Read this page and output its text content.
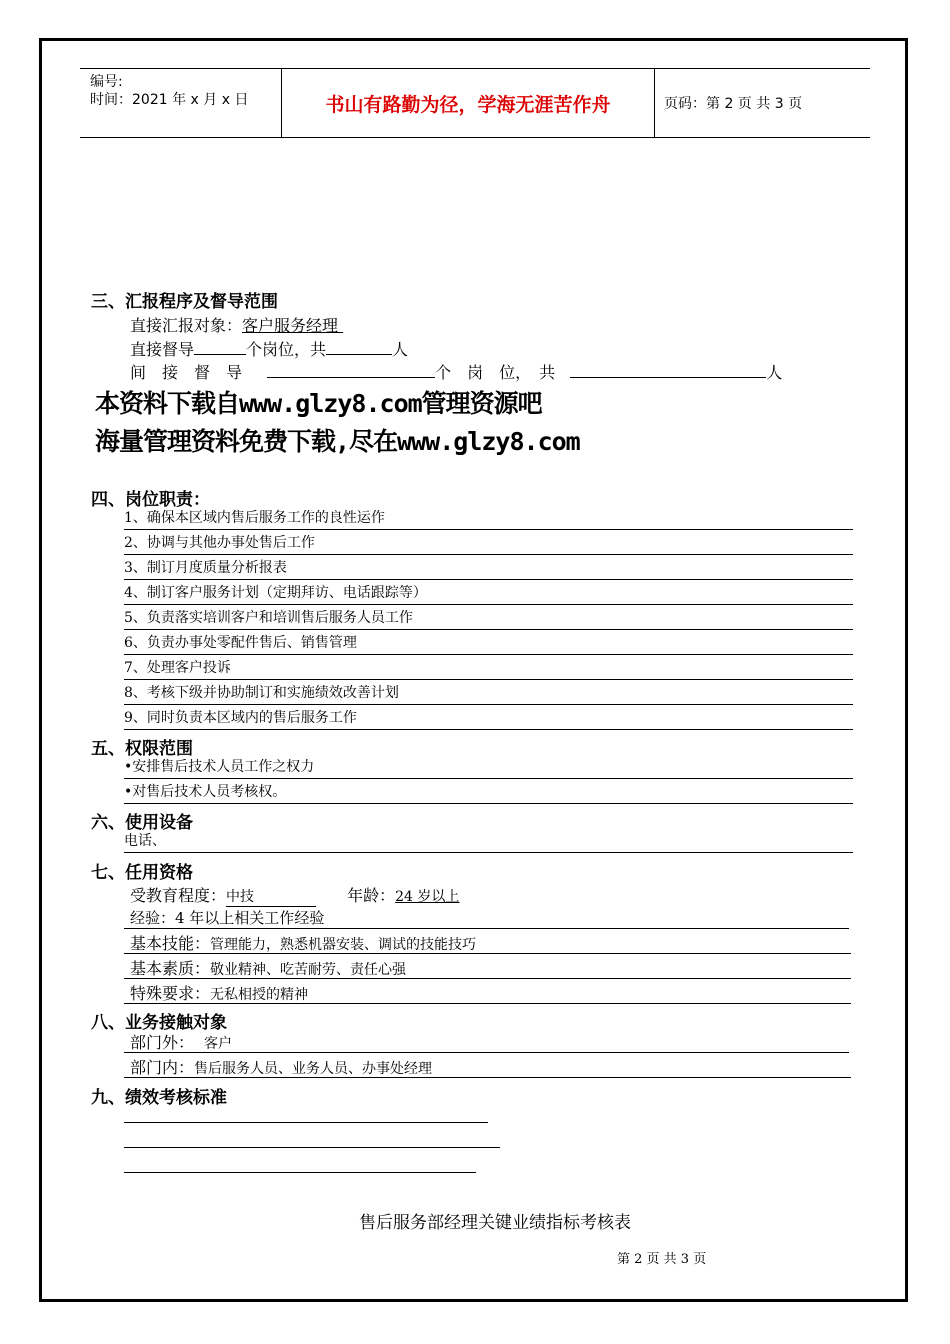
编号:
时间：2021 年 x 月 x 日	书山有路勤为径，学海无涯苦作舟	页码：第 2 页 共 3 页
三、汇报程序及督导范围
直接汇报对象：客户服务经理
直接督导	个岗位，共	人
间　接　督　导	个　岗　位，　共	人
本资料下载自www.glzy8.com管理资源吧
海量管理资料免费下载,尽在www.glzy8.com
四、岗位职责：
1、确保本区域内售后服务工作的良性运作
2、协调与其他办事处售后工作
3、制订月度质量分析报表
4、制订客户服务计划（定期拜访、电话跟踪等）
5、负责落实培训客户和培训售后服务人员工作
6、负责办事处零配件售后、销售管理
7、处理客户投诉
8、考核下级并协助制订和实施绩效改善计划
9、同时负责本区域内的售后服务工作
五、权限范围
•安排售后技术人员工作之权力
•对售后技术人员考核权。
六、使用设备
电话、
七、任用资格
受教育程度：中技	年龄：24 岁以上
经验：4 年以上相关工作经验
基本技能：管理能力，熟悉机器安装、调试的技能技巧
基本素质：敬业精神、吃苦耐劳、责任心强
特殊要求：无私相授的精神
八、业务接触对象
部门外： 客户
部门内：售后服务人员、业务人员、办事处经理
九、绩效考核标准
售后服务部经理关键业绩指标考核表
第 2 页 共 3 页
